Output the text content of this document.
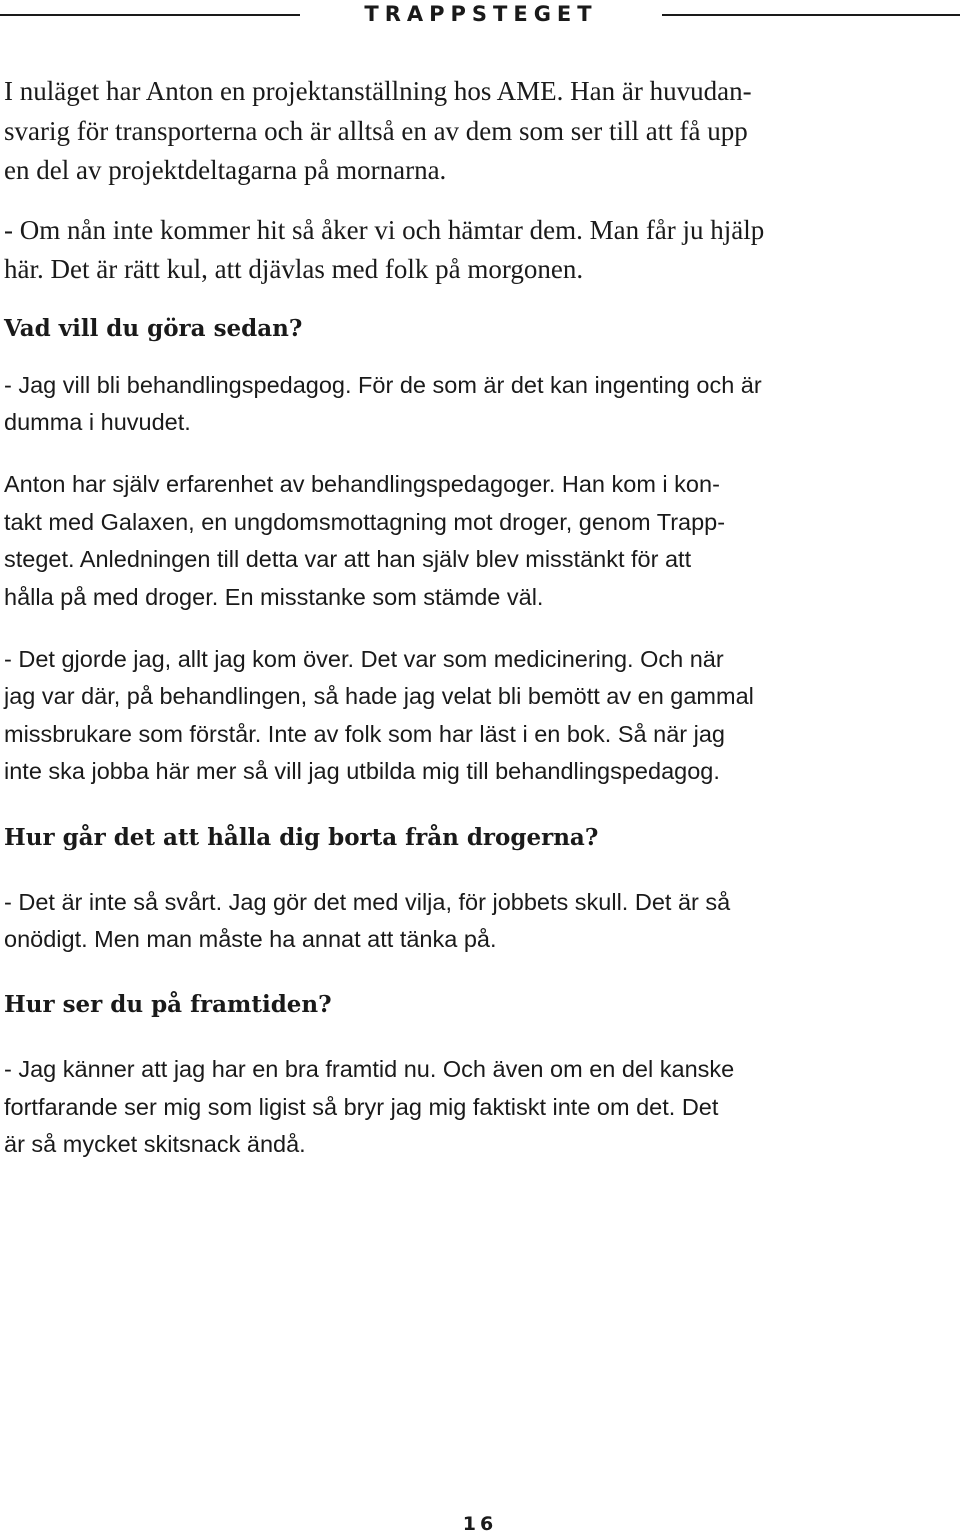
TRAPPSTEGET

I nuläget har Anton en projektanställning hos AME. Han är huvudan-
svarig för transporterna och är alltså en av dem som ser till att få upp
en del av projektdeltagarna på mornarna.

- Om nån inte kommer hit så åker vi och hämtar dem. Man får ju hjälp
här. Det är rätt kul, att djävlas med folk på morgonen.

Vad vill du göra sedan?

- Jag vill bli behandlingspedagog. För de som är det kan ingenting och är
dumma i huvudet.

Anton har själv erfarenhet av behandlingspedagoger. Han kom i kon-
takt med Galaxen, en ungdomsmottagning mot droger, genom Trapp-
steget. Anledningen till detta var att han själv blev misstänkt för att
hålla på med droger. En misstanke som stämde väl.

- Det gjorde jag, allt jag kom över. Det var som medicinering. Och när
jag var där, på behandlingen, så hade jag velat bli bemött av en gammal
missbrukare som förstår. Inte av folk som har läst i en bok. Så när jag
inte ska jobba här mer så vill jag utbilda mig till behandlingspedagog.

Hur går det att hålla dig borta från drogerna?

- Det är inte så svårt. Jag gör det med vilja, för jobbets skull. Det är så
onödigt. Men man måste ha annat att tänka på.

Hur ser du på framtiden?

- Jag känner att jag har en bra framtid nu. Och även om en del kanske
fortfarande ser mig som ligist så bryr jag mig faktiskt inte om det. Det
är så mycket skitsnack ändå.

16
